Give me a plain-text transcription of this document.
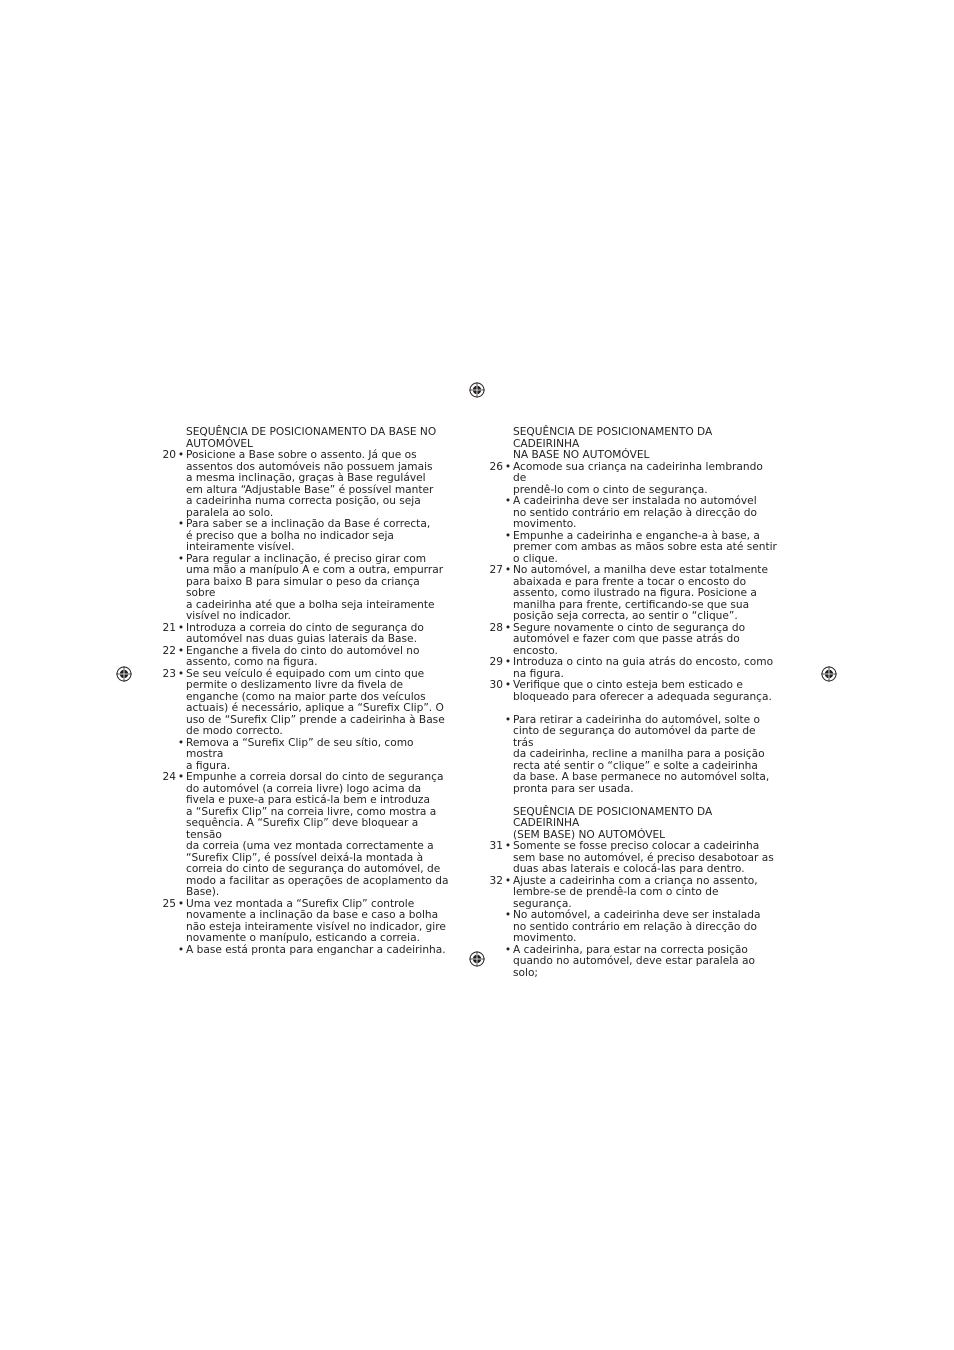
SEQUÊNCIA DE POSICIONAMENTO DA BASE NO
AUTOMÓVEL
20 • Posicione a Base sobre o assento. Já que os
assentos dos automóveis não possuem jamais
a mesma inclinação, graças à Base regulável
em altura “Adjustable Base” é possível manter
a cadeirinha numa correcta posição, ou seja
paralela ao solo.
• Para saber se a inclinação da Base é correcta,
é preciso que a bolha no indicador seja
inteiramente visível.
• Para regular a inclinação, é preciso girar com
uma mão a manípulo A e com a outra, empurrar
para baixo B para simular o peso da criança sobre
a cadeirinha até que a bolha seja inteiramente
visível no indicador.
21 • Introduza a correia do cinto de segurança do
automóvel nas duas guias laterais da Base.
22 • Enganche a fivela do cinto do automóvel no
assento, como na figura.
23 • Se seu veículo é equipado com um cinto que
permite o deslizamento livre da fivela de
enganche (como na maior parte dos veículos
actuais) é necessário, aplique a “Surefix Clip”. O
uso de “Surefix Clip” prende a cadeirinha à Base
de modo correcto.
• Remova a “Surefix Clip” de seu sítio, como mostra
a figura.
24 • Empunhe a correia dorsal do cinto de segurança
do automóvel (a correia livre) logo acima da
fivela e puxe-a para esticá-la bem e introduza
a “Surefix Clip” na correia livre, como mostra a
sequência. A “Surefix Clip” deve bloquear a tensão
da correia (uma vez montada correctamente a
“Surefix Clip”, é possível deixá-la montada à
correia do cinto de segurança do automóvel, de
modo a facilitar as operações de acoplamento da
Base).
25 • Uma vez montada a “Surefix Clip” controle
novamente a inclinação da base e caso a bolha
não esteja inteiramente visível no indicador, gire
novamente o manípulo, esticando a correia.
• A base está pronta para enganchar a cadeirinha.
SEQUÊNCIA DE POSICIONAMENTO DA CADEIRINHA
NA BASE NO AUTOMÓVEL
26 • Acomode sua criança na cadeirinha lembrando de
prendê-lo com o cinto de segurança.
• A cadeirinha deve ser instalada no automóvel
no sentido contrário em relação à direcção do
movimento.
• Empunhe a cadeirinha e enganche-a à base, a
premer com ambas as mãos sobre esta até sentir
o clique.
27 • No automóvel, a manilha deve estar totalmente
abaixada e para frente a tocar o encosto do
assento, como ilustrado na figura. Posicione a
manilha para frente, certificando-se que sua
posição seja correcta, ao sentir o “clique”.
28 • Segure novamente o cinto de segurança do
automóvel e fazer com que passe atrás do
encosto.
29 • Introduza o cinto na guia atrás do encosto, como
na figura.
30 • Verifique que o cinto esteja bem esticado e
bloqueado para oferecer a adequada segurança.
• Para retirar a cadeirinha do automóvel, solte o
cinto de segurança do automóvel da parte de trás
da cadeirinha, recline a manilha para a posição
recta até sentir o “clique” e solte a cadeirinha
da base. A base permanece no automóvel solta,
pronta para ser usada.
SEQUÊNCIA DE POSICIONAMENTO DA CADEIRINHA
(SEM BASE) NO AUTOMÓVEL
31 • Somente se fosse preciso colocar a cadeirinha
sem base no automóvel, é preciso desabotoar as
duas abas laterais e colocá-las para dentro.
32 • Ajuste a cadeirinha com a criança no assento,
lembre-se de prendê-la com o cinto de
segurança.
• No automóvel, a cadeirinha deve ser instalada
no sentido contrário em relação à direcção do
movimento.
• A cadeirinha, para estar na correcta posição
quando no automóvel, deve estar paralela ao solo;
